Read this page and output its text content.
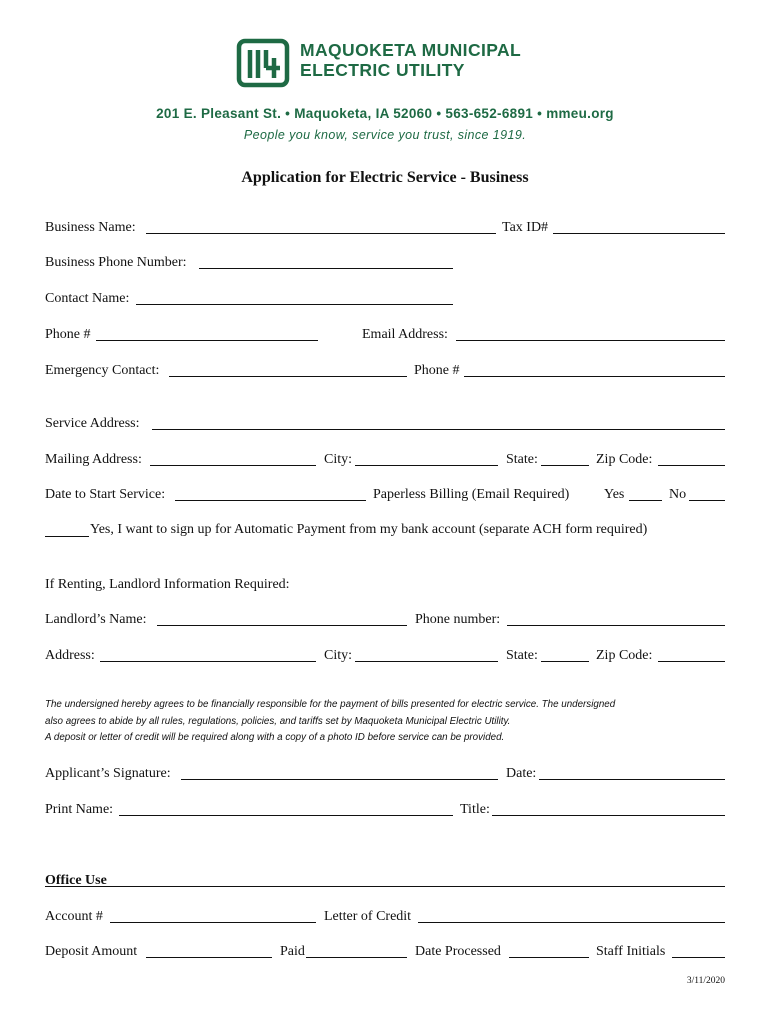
MAQUOKETA MUNICIPAL
ELECTRIC UTILITY
201 E. Pleasant St. • Maquoketa, IA 52060 • 563-652-6891 • mmeu.org
People you know, service you trust, since 1919.
Application for Electric Service - Business
Business Name:	Tax ID#
Business Phone Number:
Contact Name:
Phone #	Email Address:
Emergency Contact:	Phone #
Service Address:
Mailing Address:	City:	State:	Zip Code:
Date to Start Service:	Paperless Billing (Email Required) Yes	No
Yes, I want to sign up for Automatic Payment from my bank account (separate ACH form required)
If Renting, Landlord Information Required:
Landlord’s Name:	Phone number:
Address:	City:	State:	Zip Code:
The undersigned hereby agrees to be financially responsible for the payment of bills presented for electric service. The undersigned
also agrees to abide by all rules, regulations, policies, and tariffs set by Maquoketa Municipal Electric Utility.
A deposit or letter of credit will be required along with a copy of a photo ID before service can be provided.
Applicant’s Signature:	Date:
Print Name:	Title:
Office Use
Account #	Letter of Credit
Deposit Amount	Paid	Date Processed	Staff Initials
3/11/2020
